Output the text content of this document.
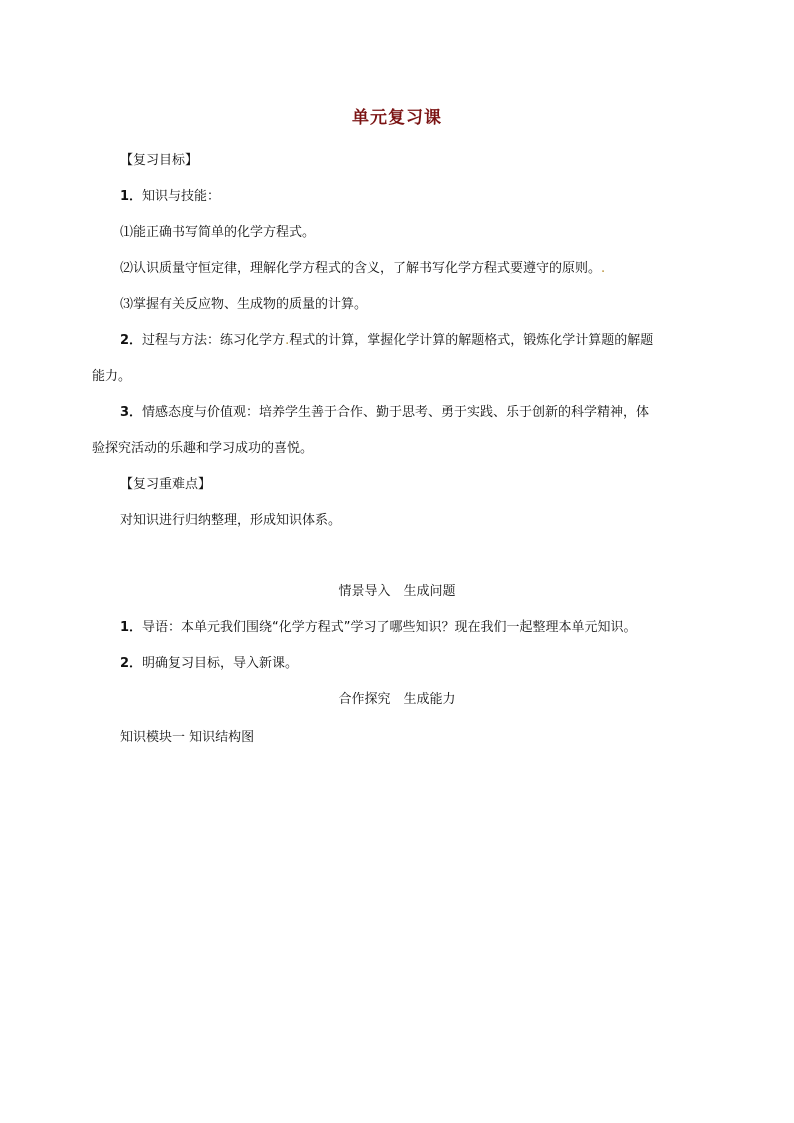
单元复习课
【复习目标】
1．知识与技能：
⑴能正确书写简单的化学方程式。
⑵认识质量守恒定律，理解化学方程式的含义，了解书写化学方程式要遵守的原则。.
⑶掌握有关反应物、生成物的质量的计算。
2．过程与方法：练习化学方.程式的计算，掌握化学计算的解题格式，锻炼化学计算题的解题
能力。
3．情感态度与价值观：培养学生善于合作、勤于思考、勇于实践、乐于创新的科学精神，体
验探究活动的乐趣和学习成功的喜悦。
【复习重难点】
对知识进行归纳整理，形成知识体系。
情景导入　生成问题
1．导语：本单元我们围绕“化学方程式”学习了哪些知识？现在我们一起整理本单元知识。
2．明确复习目标，导入新课。
合作探究　生成能力
知识模块一 知识结构图
